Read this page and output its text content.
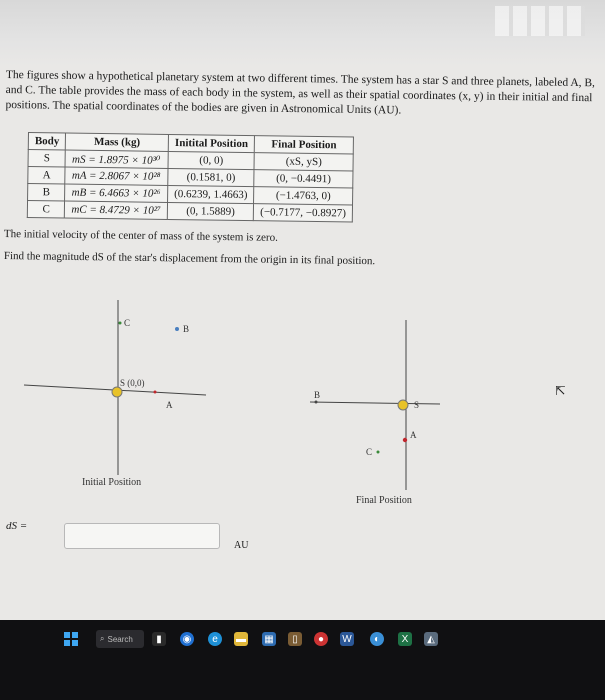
The figures show a hypothetical planetary system at two different times. The system has a star S and three planets, labeled A, B,

and C. The table provides the mass of each body in the system, as well as their spatial coordinates (x, y) in their initial and final

positions. The spatial coordinates of the bodies are given in Astronomical Units (AU).

Body	Mass (kg)	Initital Position	Final Position
S	mS = 1.8975 × 10³⁰	(0, 0)	(xS, yS)
A	mA = 2.8067 × 10²⁸	(0.1581, 0)	(0, −0.4491)
B	mB = 6.4663 × 10²⁶	(0.6239, 1.4663)	(−1.4763, 0)
C	mC = 8.4729 × 10²⁷	(0, 1.5889)	(−0.7177, −0.8927)
The initial velocity of the center of mass of the system is zero.
Find the magnitude dS of the star's displacement from the origin in its final position.
S (0,0)
A
B
C
Initial Position
S
B
A
C
Final Position
⇱
dS =
AU
⌕ Search	▮	◉	e	▬ ▦	▯	●	W	◐	X	◭
